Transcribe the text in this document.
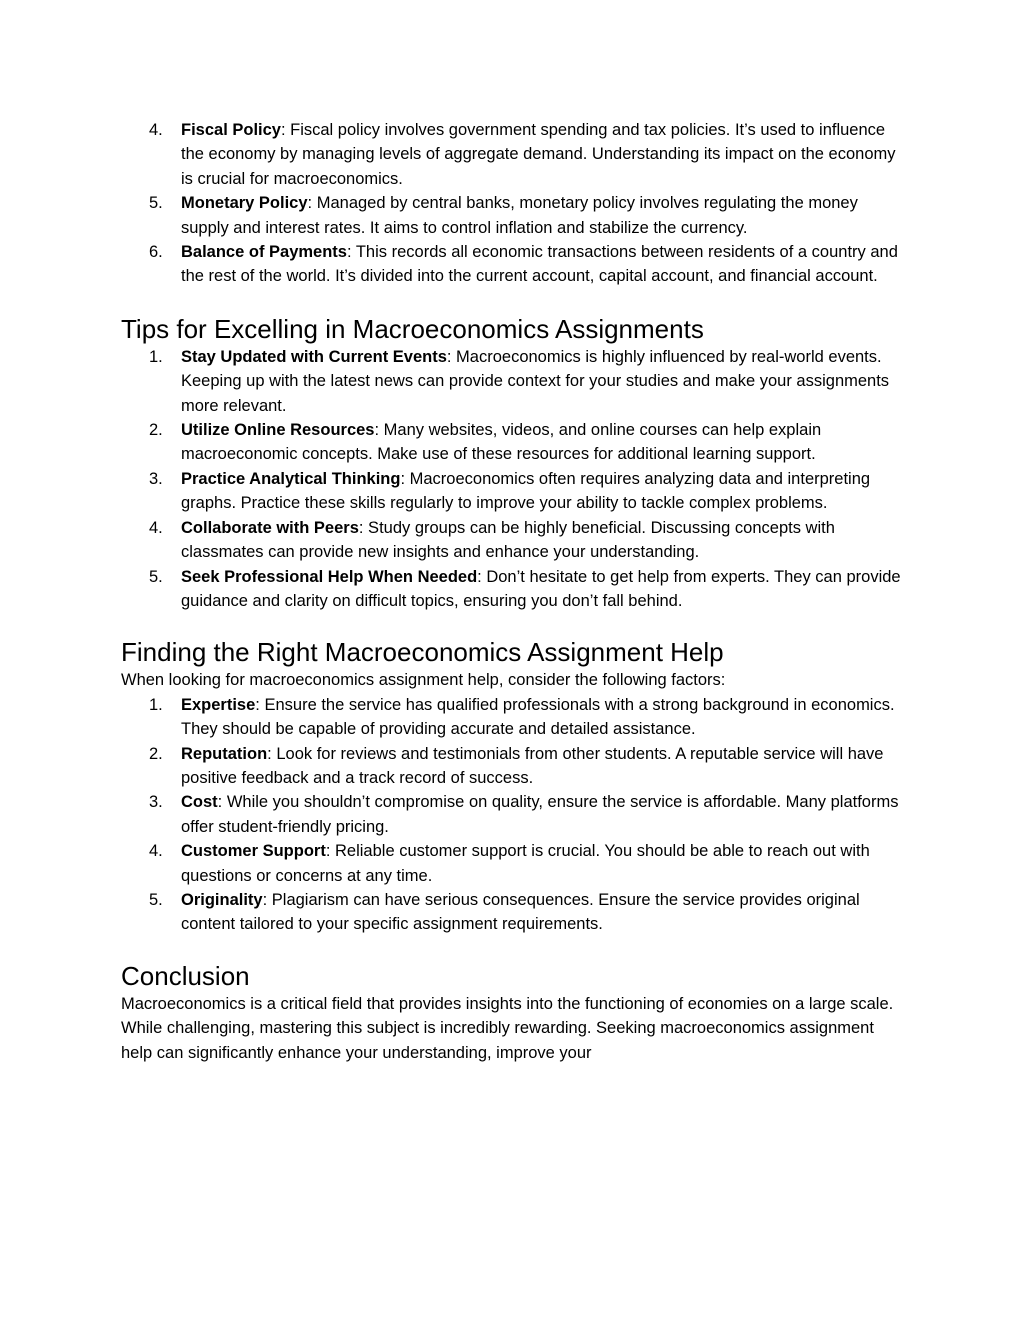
4. Fiscal Policy: Fiscal policy involves government spending and tax policies. It’s used to influence the economy by managing levels of aggregate demand. Understanding its impact on the economy is crucial for macroeconomics.
5. Monetary Policy: Managed by central banks, monetary policy involves regulating the money supply and interest rates. It aims to control inflation and stabilize the currency.
6. Balance of Payments: This records all economic transactions between residents of a country and the rest of the world. It’s divided into the current account, capital account, and financial account.
Tips for Excelling in Macroeconomics Assignments
1. Stay Updated with Current Events: Macroeconomics is highly influenced by real-world events. Keeping up with the latest news can provide context for your studies and make your assignments more relevant.
2. Utilize Online Resources: Many websites, videos, and online courses can help explain macroeconomic concepts. Make use of these resources for additional learning support.
3. Practice Analytical Thinking: Macroeconomics often requires analyzing data and interpreting graphs. Practice these skills regularly to improve your ability to tackle complex problems.
4. Collaborate with Peers: Study groups can be highly beneficial. Discussing concepts with classmates can provide new insights and enhance your understanding.
5. Seek Professional Help When Needed: Don’t hesitate to get help from experts. They can provide guidance and clarity on difficult topics, ensuring you don’t fall behind.
Finding the Right Macroeconomics Assignment Help

When looking for macroeconomics assignment help, consider the following factors:

1. Expertise: Ensure the service has qualified professionals with a strong background in economics. They should be capable of providing accurate and detailed assistance.
2. Reputation: Look for reviews and testimonials from other students. A reputable service will have positive feedback and a track record of success.
3. Cost: While you shouldn’t compromise on quality, ensure the service is affordable. Many platforms offer student-friendly pricing.
4. Customer Support: Reliable customer support is crucial. You should be able to reach out with questions or concerns at any time.
5. Originality: Plagiarism can have serious consequences. Ensure the service provides original content tailored to your specific assignment requirements.
Conclusion

Macroeconomics is a critical field that provides insights into the functioning of economies on a large scale. While challenging, mastering this subject is incredibly rewarding. Seeking macroeconomics assignment help can significantly enhance your understanding, improve your
